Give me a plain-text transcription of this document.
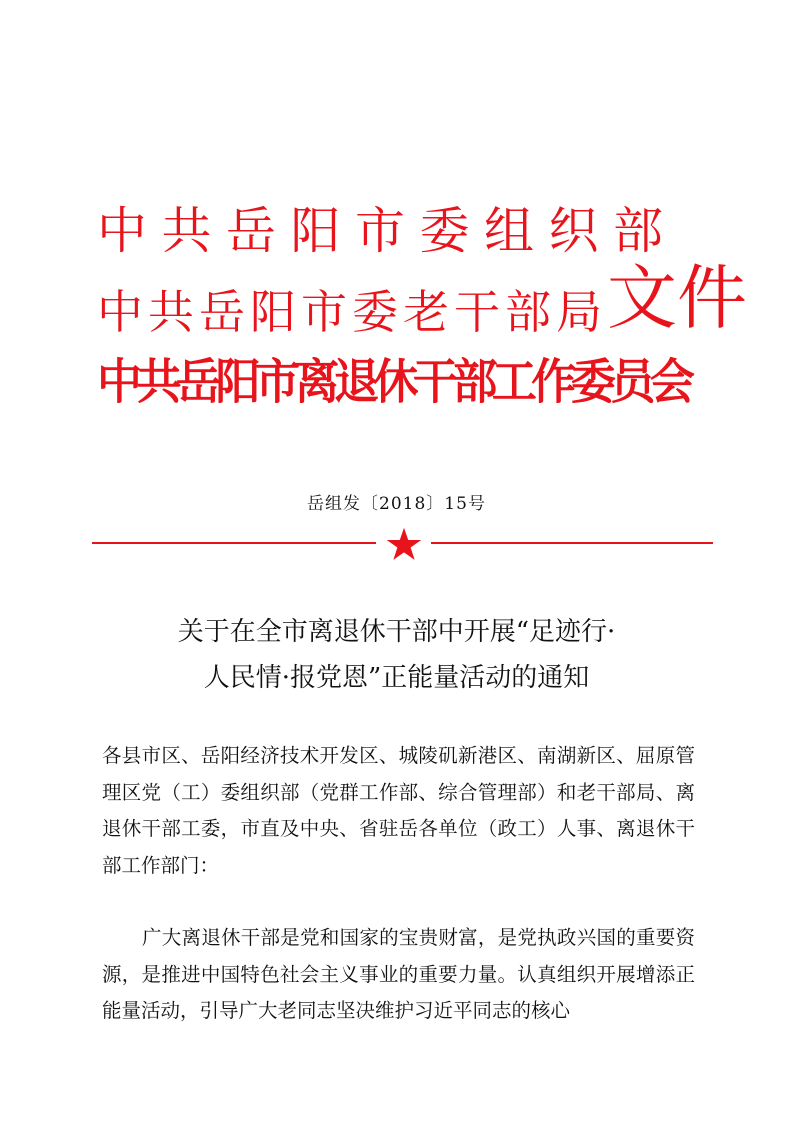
中共岳阳市委组织部
中共岳阳市委老干部局文件
中共岳阳市离退休干部工作委员会
岳组发〔2018〕15号
关于在全市离退休干部中开展“足迹行·
人民情·报党恩”正能量活动的通知

各县市区、岳阳经济技术开发区、城陵矶新港区、南湖新区、屈原管理区党（工）委组织部（党群工作部、综合管理部）和老干部局、离退休干部工委，市直及中央、省驻岳各单位（政工）人事、离退休干部工作部门：

广大离退休干部是党和国家的宝贵财富，是党执政兴国的重要资源，是推进中国特色社会主义事业的重要力量。认真组织开展增添正能量活动，引导广大老同志坚决维护习近平同志的核心
